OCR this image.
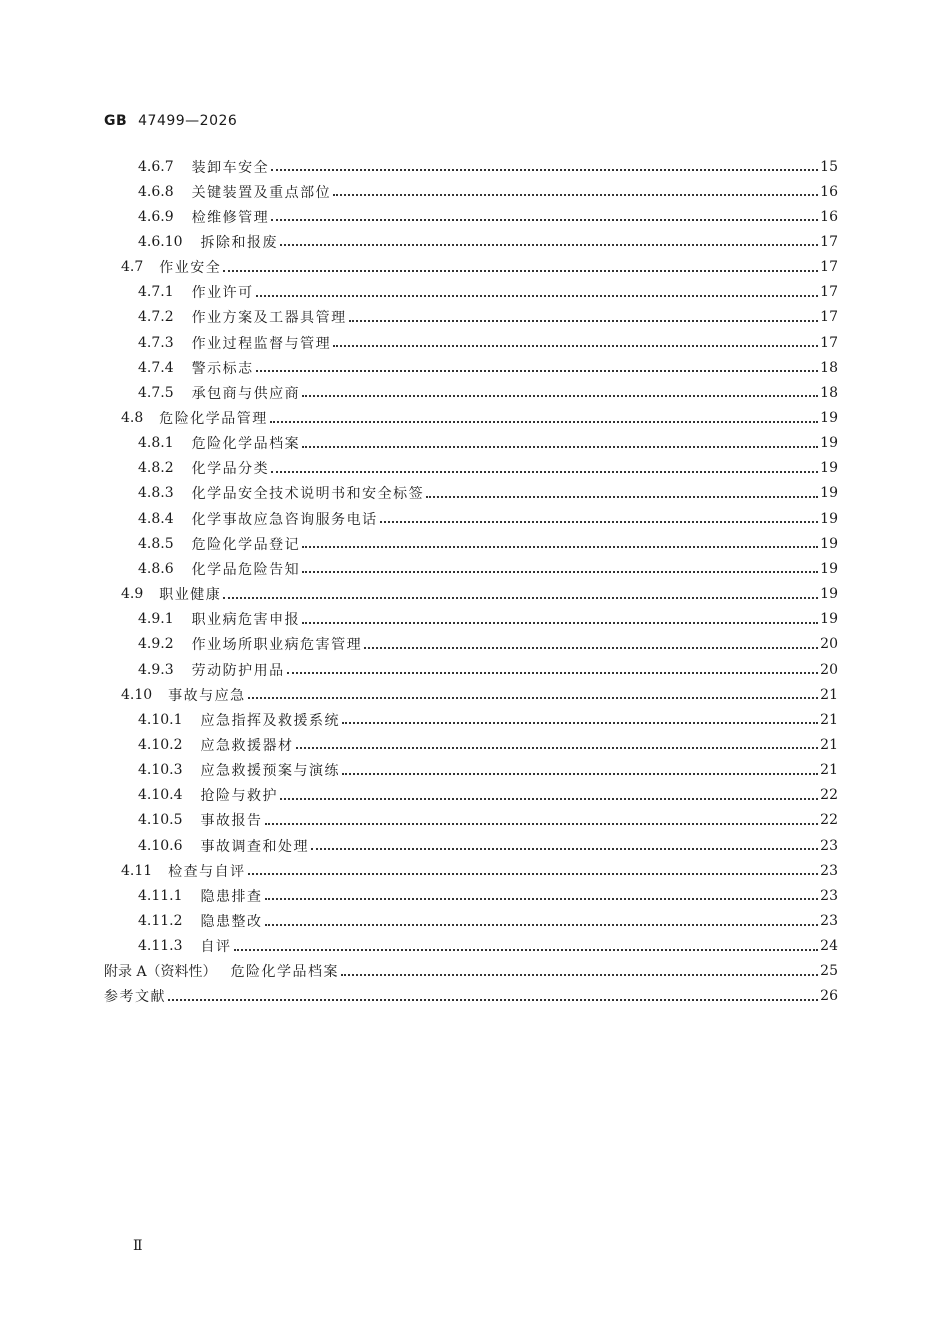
GB 47499—2026
4.6.7 装卸车安全	15
4.6.8 关键装置及重点部位	16
4.6.9 检维修管理	16
4.6.10 拆除和报废	17
4.7 作业安全	17
4.7.1 作业许可	17
4.7.2 作业方案及工器具管理	17
4.7.3 作业过程监督与管理	17
4.7.4 警示标志	18
4.7.5 承包商与供应商	18
4.8 危险化学品管理	19
4.8.1 危险化学品档案	19
4.8.2 化学品分类	19
4.8.3 化学品安全技术说明书和安全标签	19
4.8.4 化学事故应急咨询服务电话	19
4.8.5 危险化学品登记	19
4.8.6 化学品危险告知	19
4.9 职业健康	19
4.9.1 职业病危害申报	19
4.9.2 作业场所职业病危害管理	20
4.9.3 劳动防护用品	20
4.10 事故与应急	21
4.10.1 应急指挥及救援系统	21
4.10.2 应急救援器材	21
4.10.3 应急救援预案与演练	21
4.10.4 抢险与救护	22
4.10.5 事故报告	22
4.10.6 事故调查和处理	23
4.11 检查与自评	23
4.11.1 隐患排查	23
4.11.2 隐患整改	23
4.11.3 自评	24
附录 A（资料性） 危险化学品档案	25
参考文献	26
Ⅱ
